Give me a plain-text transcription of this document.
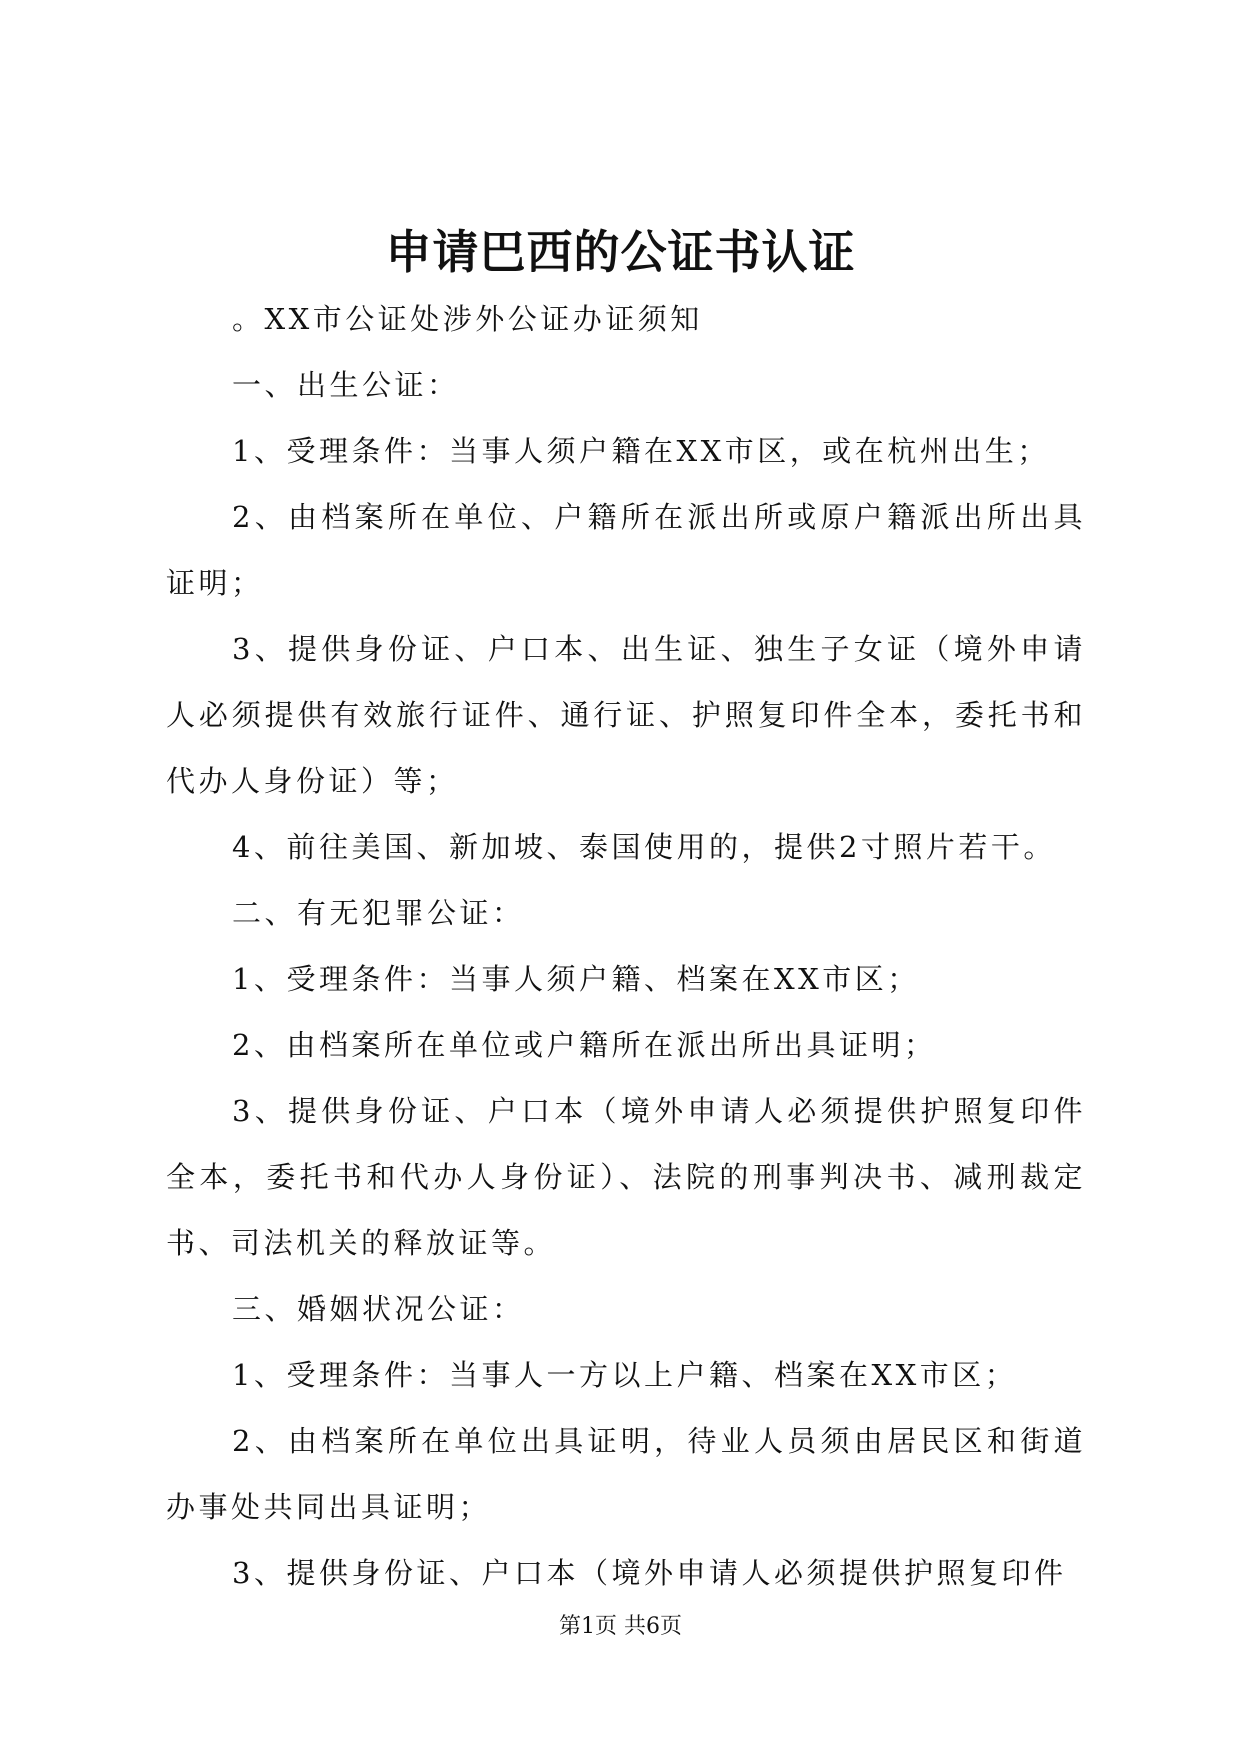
申请巴西的公证书认证

。XX市公证处涉外公证办证须知

一、出生公证：

1、受理条件：当事人须户籍在XX市区，或在杭州出生；

2、由档案所在单位、户籍所在派出所或原户籍派出所出具证明；

3、提供身份证、户口本、出生证、独生子女证（境外申请人必须提供有效旅行证件、通行证、护照复印件全本，委托书和代办人身份证）等；

4、前往美国、新加坡、泰国使用的，提供2寸照片若干。

二、有无犯罪公证：

1、受理条件：当事人须户籍、档案在XX市区；

2、由档案所在单位或户籍所在派出所出具证明；

3、提供身份证、户口本（境外申请人必须提供护照复印件全本，委托书和代办人身份证）、法院的刑事判决书、减刑裁定书、司法机关的释放证等。

三、婚姻状况公证：

1、受理条件：当事人一方以上户籍、档案在XX市区；

2、由档案所在单位出具证明，待业人员须由居民区和街道办事处共同出具证明；

3、提供身份证、户口本（境外申请人必须提供护照复印件

第1页 共6页
